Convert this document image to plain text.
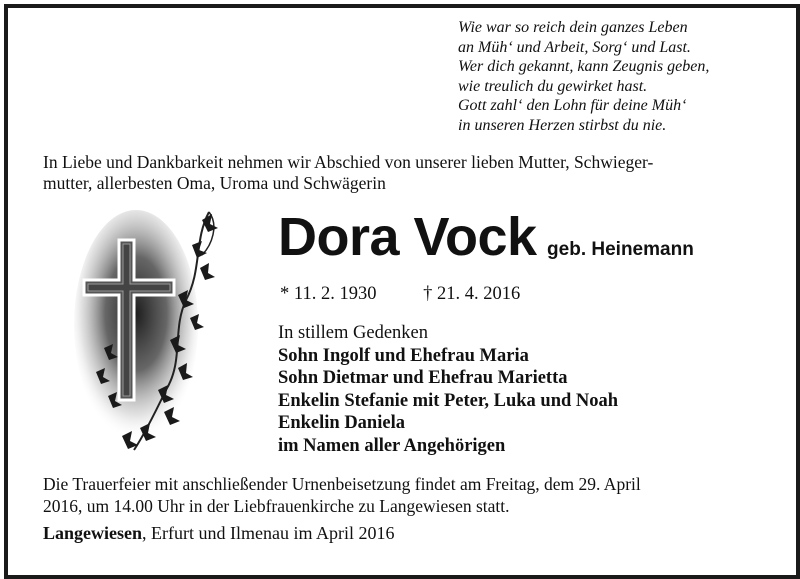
Wie war so reich dein ganzes Leben
an Müh‘ und Arbeit, Sorg‘ und Last.
Wer dich gekannt, kann Zeugnis geben,
wie treulich du gewirket hast.
Gott zahl‘ den Lohn für deine Müh‘
in unseren Herzen stirbst du nie.
In Liebe und Dankbarkeit nehmen wir Abschied von unserer lieben Mutter, Schwieger-
mutter, allerbesten Oma, Uroma und Schwägerin
Dora Vock geb. Heinemann
* 11. 2. 1930	† 21. 4. 2016
In stillem Gedenken
Sohn Ingolf und Ehefrau Maria
Sohn Dietmar und Ehefrau Marietta
Enkelin Stefanie mit Peter, Luka und Noah
Enkelin Daniela
im Namen aller Angehörigen
Die Trauerfeier mit anschließender Urnenbeisetzung findet am Freitag, dem 29. April
2016, um 14.00 Uhr in der Liebfrauenkirche zu Langewiesen statt.
Langewiesen, Erfurt und Ilmenau im April 2016
